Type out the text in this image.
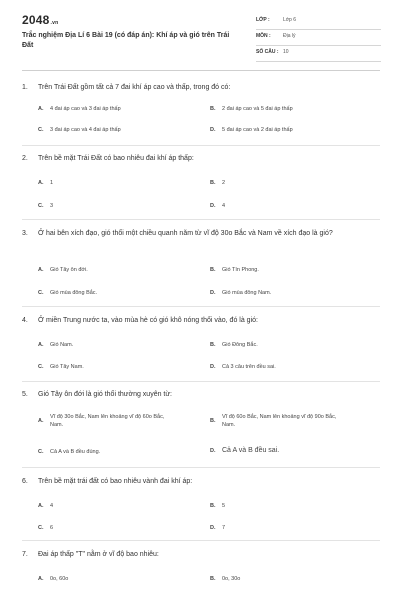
2048.vn
Trắc nghiệm Địa Lí 6 Bài 19 (có đáp án): Khí áp và gió trên Trái Đất
LỚP :	Lớp 6
MÔN : Địa lý
SỐ CÂU : 10
1. Trên Trái Đất gồm tất cả 7 đai khí áp cao và thấp, trong đó có:
A. 4 đai áp cao và 3 đai áp thấp	B. 2 đai áp cao và 5 đai áp thấp
C. 3 đai áp cao và 4 đai áp thấp	D. 5 đai áp cao và 2 đai áp thấp
2. Trên bề mặt Trái Đất có bao nhiêu đai khí áp thấp:
A. 1	B. 2
C. 3	D. 4
3. Ở hai bên xích đạo, gió thổi một chiều quanh năm từ vĩ độ 30o Bắc và Nam về xích đạo là gió?
A. Gió Tây ôn đới.	B. Gió Tín Phong.
C. Gió mùa đông Bắc.	D. Gió mùa đông Nam.
4. Ở miền Trung nước ta, vào mùa hè có gió khô nóng thổi vào, đó là gió:
A. Gió Nam.	B. Gió Đông Bắc.
C. Gió Tây Nam.	D. Cả 3 câu trên đều sai.
5. Gió Tây ôn đới là gió thổi thường xuyên từ:
A.
Vĩ độ 30o Bắc, Nam lên khoảng vĩ độ 60o Bắc, Nam.
B.
Vĩ độ 60o Bắc, Nam lên khoảng vĩ độ 90o Bắc, Nam.
C. Cả A và B đều đúng.	D. Cả A và B đều sai.
6. Trên bề mặt trái đất có bao nhiêu vành đai khí áp:
A. 4	B. 5
C. 6	D. 7
7. Đai áp thấp "T" nằm ở vĩ độ bao nhiêu:
A. 0o, 60o	B. 0o, 30o
